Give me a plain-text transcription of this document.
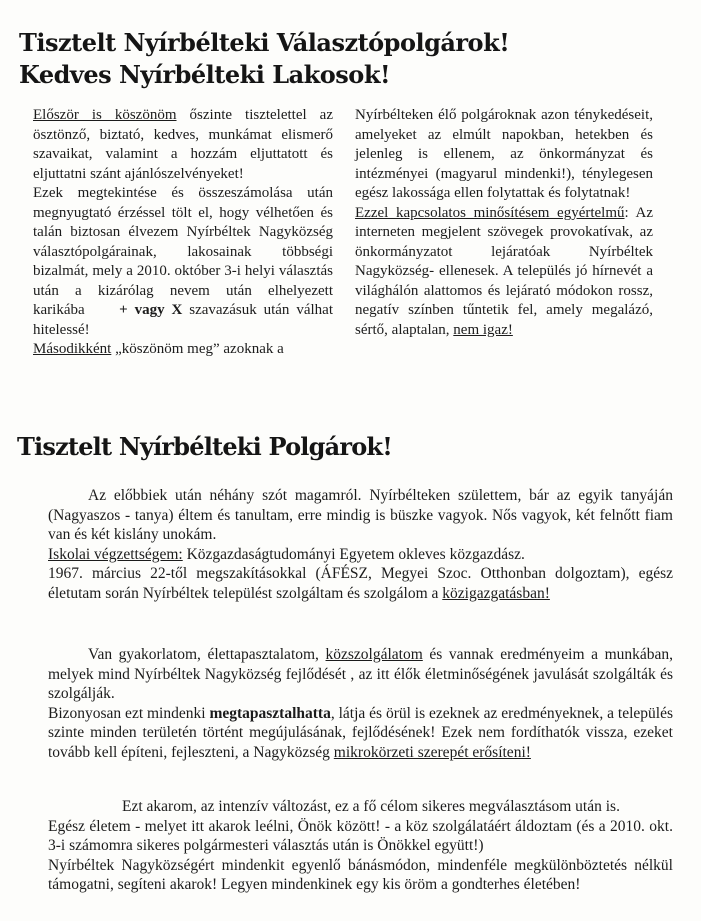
Tisztelt Nyírbélteki Választópolgárok!
Kedves Nyírbélteki Lakosok!

Először is köszönöm őszinte tisztelettel az ösztönző, biztató, kedves, munkámat elismerő szavaikat, valamint a hozzám eljuttatott és eljuttatni szánt ajánlószelvényeket!

Ezek megtekintése és összeszámolása után megnyugtató érzéssel tölt el, hogy vélhetően és talán biztosan élvezem Nyírbéltek Nagyközség választópolgárainak, lakosainak többségi bizalmát, mely a 2010. október 3-i helyi választás után a kizárólag nevem után elhelyezett karikába + vagy X szavazásuk után válhat hitelessé!

Másodikként „köszönöm meg” azoknak a

Nyírbélteken élő polgároknak azon ténykedéseit, amelyeket az elmúlt napokban, hetekben és jelenleg is ellenem, az önkormányzat és intézményei (magyarul mindenki!), ténylegesen egész lakossága ellen folytattak és folytatnak!

Ezzel kapcsolatos minősítésem egyértelmű: Az interneten megjelent szövegek provokatívak, az önkormányzatot lejáratóak Nyírbéltek Nagyközség- ellenesek. A település jó hírnevét a világhálón alattomos és lejárató módokon rossz, negatív színben tűntetik fel, amely megalázó, sértő, alaptalan, nem igaz!

Tisztelt Nyírbélteki Polgárok!

Az előbbiek után néhány szót magamról. Nyírbélteken születtem, bár az egyik tanyáján (Nagyaszos - tanya) éltem és tanultam, erre mindig is büszke vagyok. Nős vagyok, két felnőtt fiam van és két kislány unokám.

Iskolai végzettségem: Közgazdaságtudományi Egyetem okleves közgazdász.

1967. március 22-től megszakításokkal (ÁFÉSZ, Megyei Szoc. Otthonban dolgoztam), egész életutam során Nyírbéltek települést szolgáltam és szolgálom a közigazgatásban!

Van gyakorlatom, élettapasztalatom, közszolgálatom és vannak eredményeim a munkában, melyek mind Nyírbéltek Nagyközség fejlődését , az itt élők életminőségének javulását szolgálták és szolgálják.

Bizonyosan ezt mindenki megtapasztalhatta, látja és örül is ezeknek az eredményeknek, a település szinte minden területén történt megújulásának, fejlődésének! Ezek nem fordíthatók vissza, ezeket tovább kell építeni, fejleszteni, a Nagyközség mikrokörzeti szerepét erősíteni!

Ezt akarom, az intenzív változást, ez a fő célom sikeres megválasztásom után is.

Egész életem - melyet itt akarok leélni, Önök között! - a köz szolgálatáért áldoztam (és a 2010. okt. 3-i számomra sikeres polgármesteri választás után is Önökkel együtt!)

Nyírbéltek Nagyközségért mindenkit egyenlő bánásmódon, mindenféle megkülönböztetés nélkül támogatni, segíteni akarok! Legyen mindenkinek egy kis öröm a gondterhes életében!
